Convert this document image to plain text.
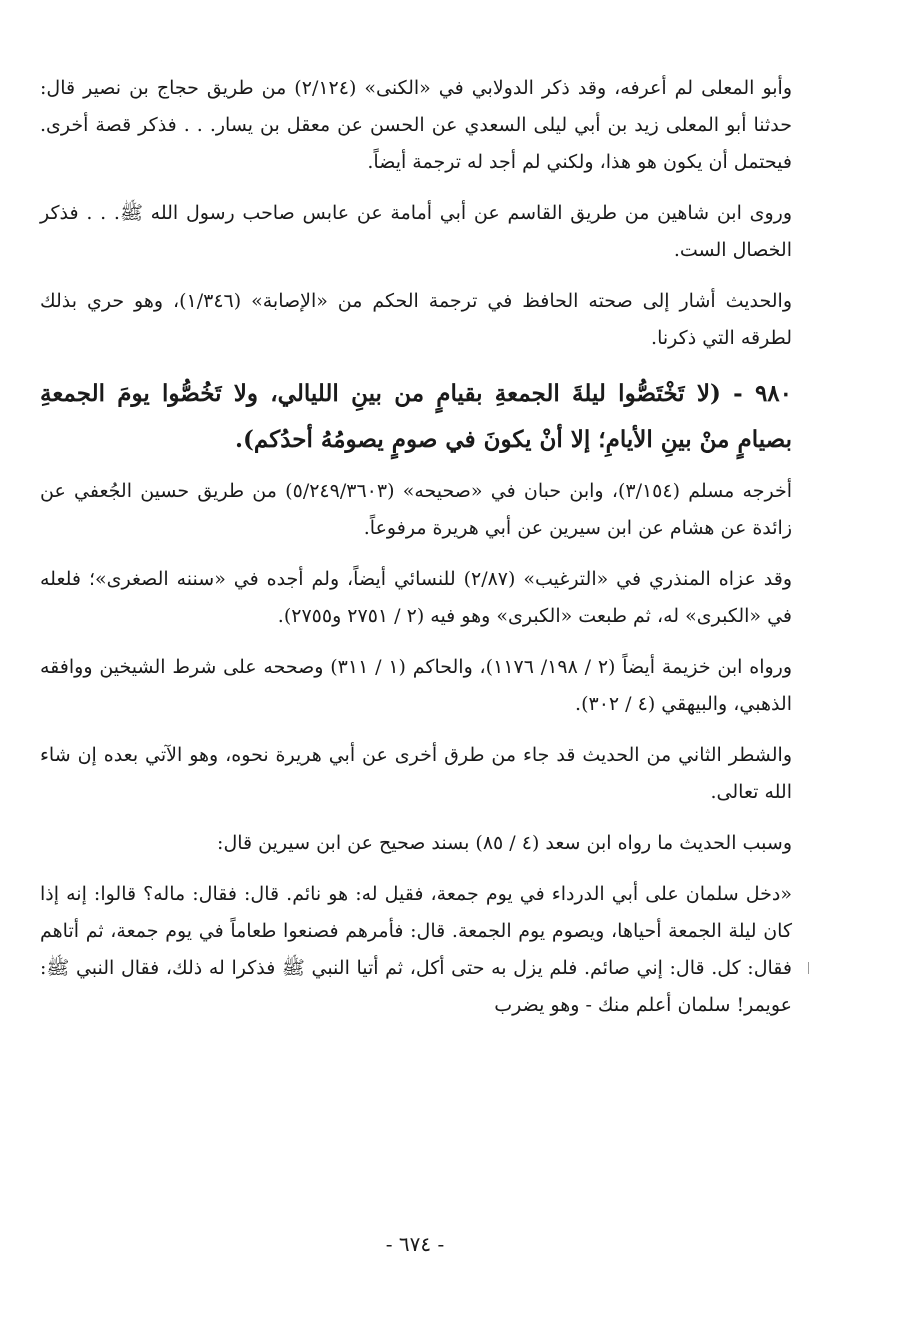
وأبو المعلى لم أعرفه، وقد ذكر الدولابي في «الكنى» (٢/١٢٤) من طريق حجاج بن نصير قال: حدثنا أبو المعلى زيد بن أبي ليلى السعدي عن الحسن عن معقل بن يسار. . . فذكر قصة أخرى. فيحتمل أن يكون هو هذا، ولكني لم أجد له ترجمة أيضاً.

وروى ابن شاهين من طريق القاسم عن أبي أمامة عن عابس صاحب رسول الله ﷺ. . . فذكر الخصال الست.

والحديث أشار إلى صحته الحافظ في ترجمة الحكم من «الإصابة» (١/٣٤٦)، وهو حري بذلك لطرقه التي ذكرنا.

٩٨٠ - (لا تَخْتَصُّوا ليلةَ الجمعةِ بقيامٍ من بينِ الليالي، ولا تَخُصُّوا يومَ الجمعةِ بصيامٍ منْ بينِ الأيامِ؛ إلا أنْ يكونَ في صومٍ يصومُهُ أحدُكم).

أخرجه مسلم (٣/١٥٤)، وابن حبان في «صحيحه» (٥/٢٤٩/٣٦٠٣) من طريق حسين الجُعفي عن زائدة عن هشام عن ابن سيرين عن أبي هريرة مرفوعاً.

وقد عزاه المنذري في «الترغيب» (٢/٨٧) للنسائي أيضاً، ولم أجده في «سننه الصغرى»؛ فلعله في «الكبرى» له، ثم طبعت «الكبرى» وهو فيه (٢ / ٢٧٥١ و٢٧٥٥).

ورواه ابن خزيمة أيضاً (٢ / ١٩٨/ ١١٧٦)، والحاكم (١ / ٣١١) وصححه على شرط الشيخين ووافقه الذهبي، والبيهقي (٤ / ٣٠٢).

والشطر الثاني من الحديث قد جاء من طرق أخرى عن أبي هريرة نحوه، وهو الآتي بعده إن شاء الله تعالى.

وسبب الحديث ما رواه ابن سعد (٤ / ٨٥) بسند صحيح عن ابن سيرين قال:

«دخل سلمان على أبي الدرداء في يوم جمعة، فقيل له: هو نائم. قال: فقال: ماله؟ قالوا: إنه إذا كان ليلة الجمعة أحياها، ويصوم يوم الجمعة. قال: فأمرهم فصنعوا طعاماً في يوم جمعة، ثم أتاهم فقال: كل. قال: إني صائم. فلم يزل به حتى أكل، ثم أتيا النبي ﷺ فذكرا له ذلك، فقال النبي ﷺ: عويمر! سلمان أعلم منك - وهو يضرب

- ٦٧٤ -
